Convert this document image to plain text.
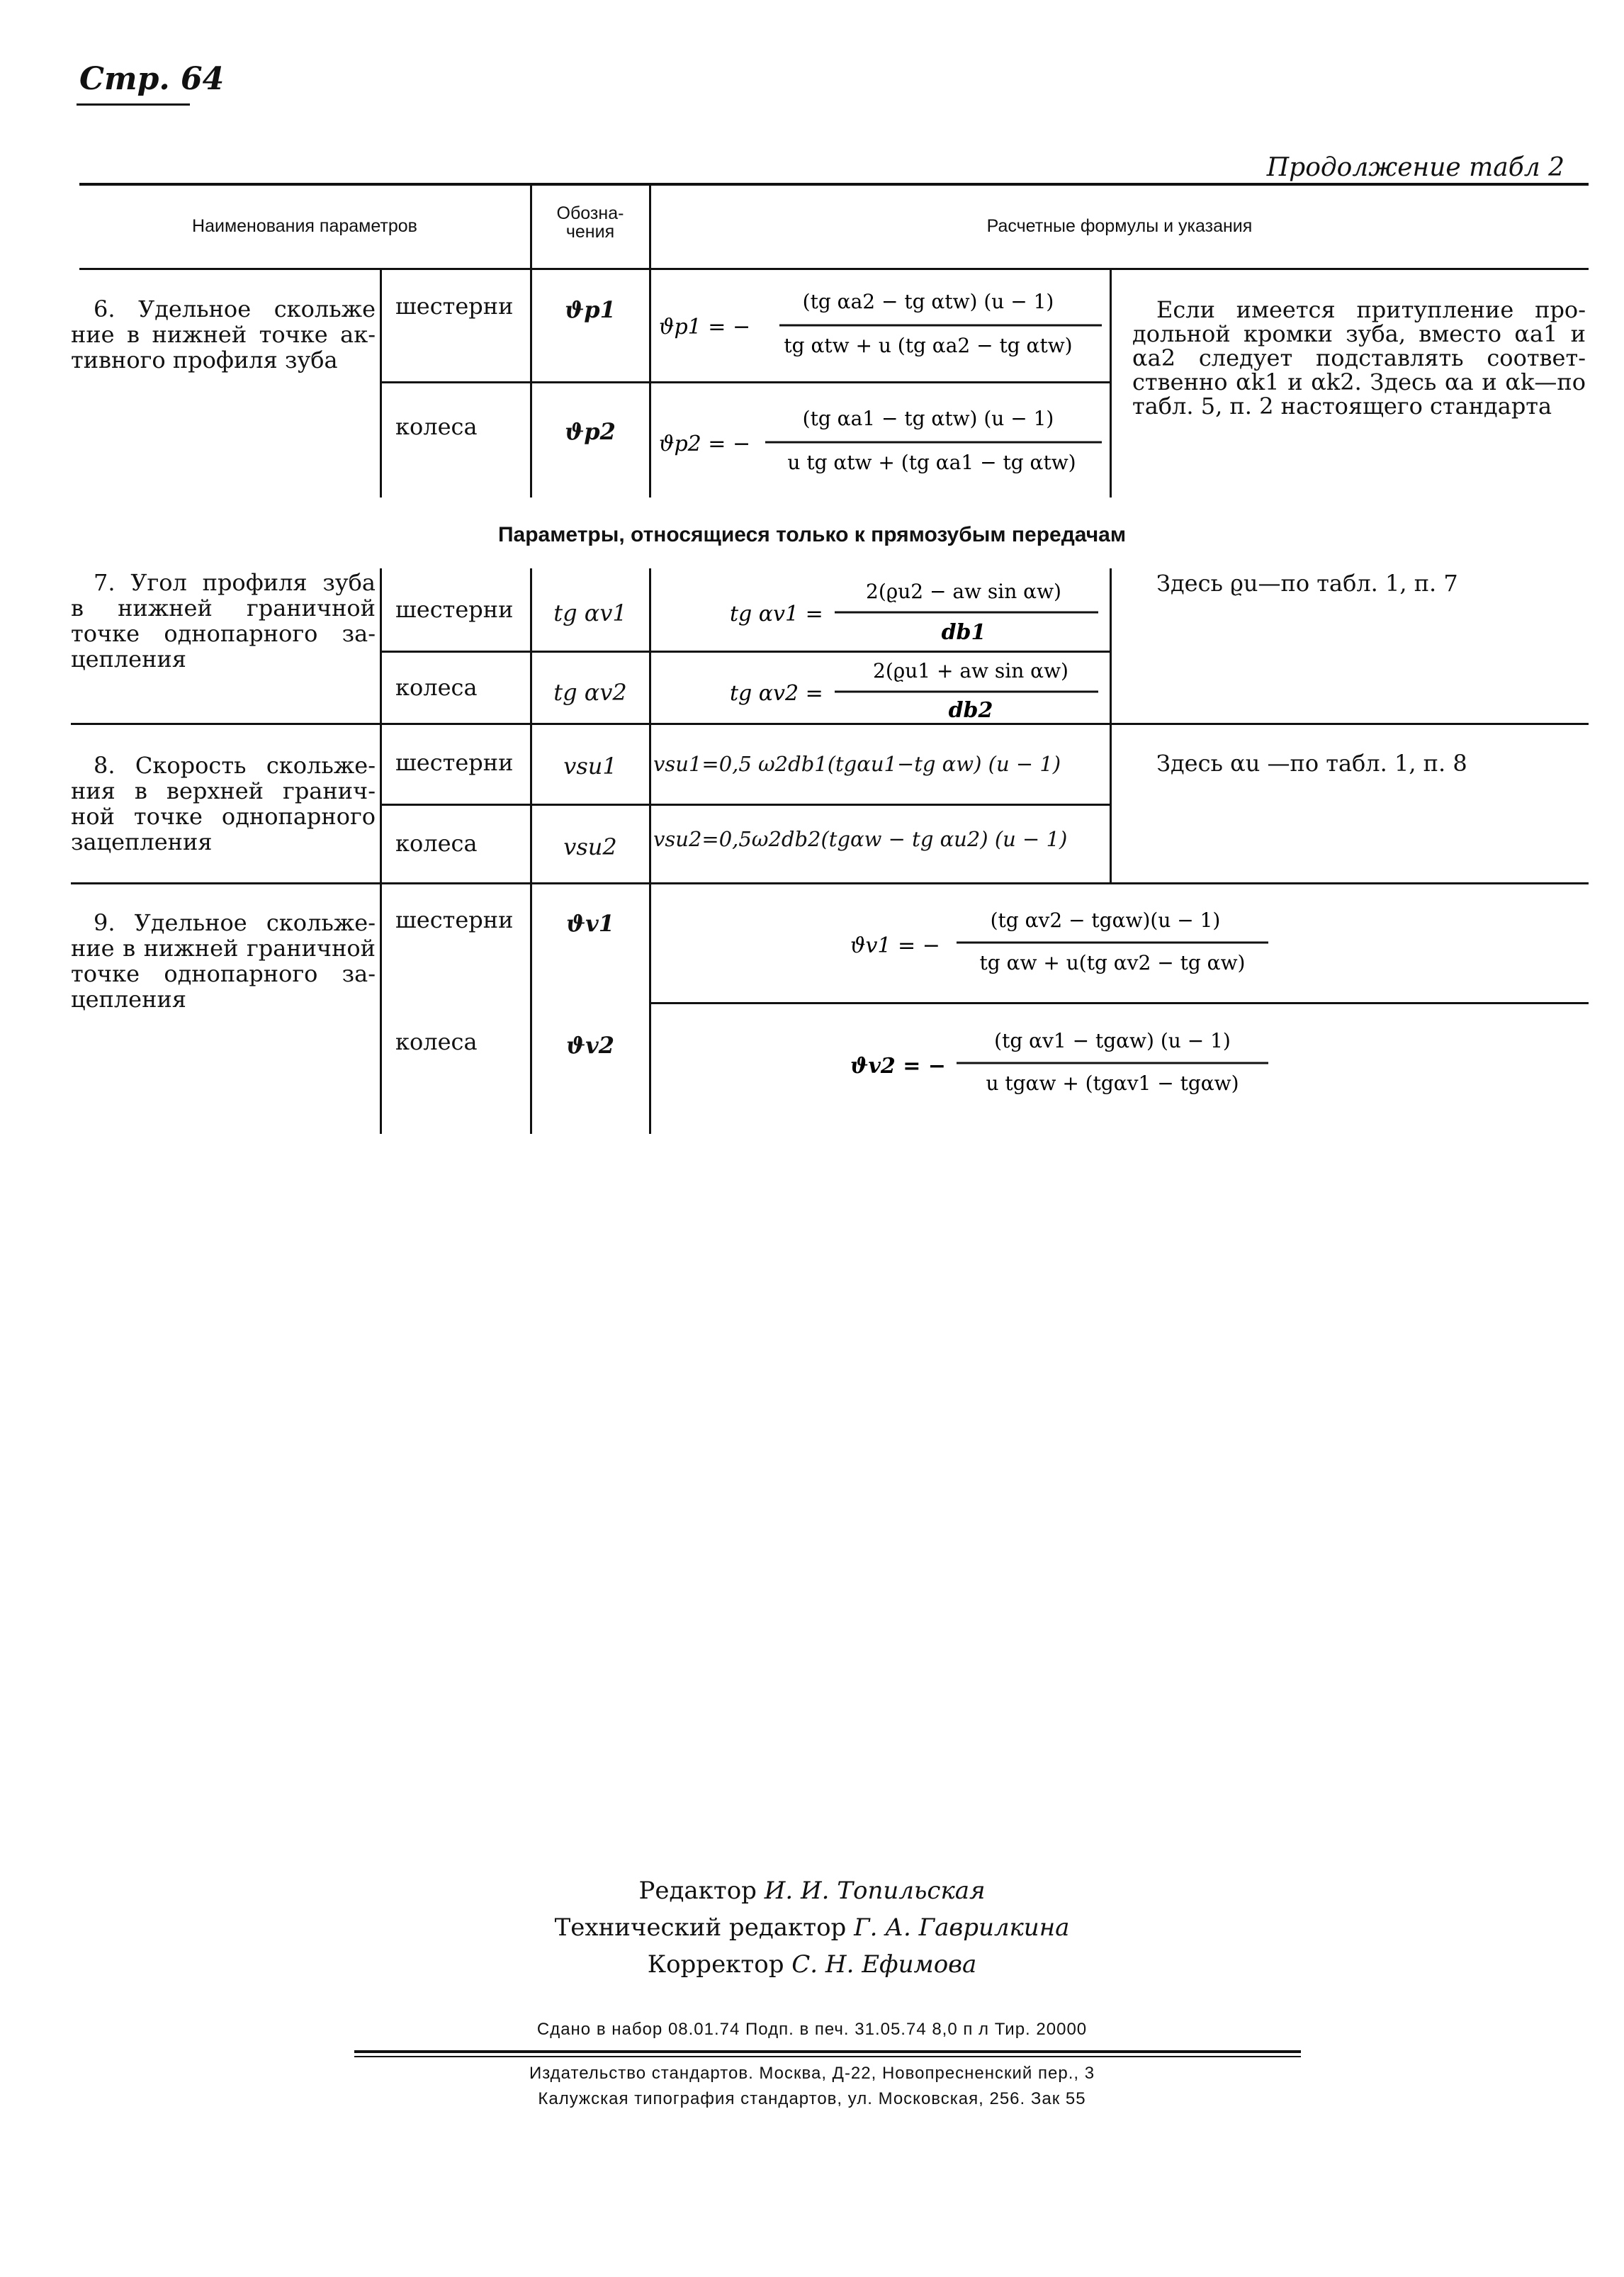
Стр. 64
Продолжение табл 2
Наименования параметров
Обозна-
чения	Расчетные формулы и указания
6. Удельное скольже
ние в нижней точке ак-
тивного профиля зуба
шестерни
колеса
ϑp1
ϑp2
ϑp1 = −
(tg αa2 − tg αtw) (u − 1)
tg αtw + u (tg αa2 − tg αtw)
ϑp2 = −
(tg αa1 − tg αtw) (u − 1)
u tg αtw + (tg αa1 − tg αtw)
Если имеется притупление про-
дольной кромки зуба, вместо αa1 и
αa2 следует подставлять соответ-
ственно αk1 и αk2. Здесь αa и αk—по
табл. 5, п. 2 настоящего стандарта
Параметры, относящиеся только к прямозубым передачам
7. Угол профиля зуба
в нижней граничной
точке однопарного за-
цепления
шестерни
колеса
tg αv1
tg αv2
tg αv1 =
2(ϱu2 − aw sin αw)
db1
tg αv2 =
2(ϱu1 + aw sin αw)
db2
Здесь ϱu—по табл. 1, п. 7
8. Скорость скольже-
ния в верхней гранич-
ной точке однопарного
зацепления
шестерни
колеса
vsu1
vsu2
vsu1=0,5 ω2db1(tgαu1−tg αw) (u − 1)
vsu2=0,5ω2db2(tgαw − tg αu2) (u − 1)
Здесь αu —по табл. 1, п. 8
9. Удельное скольже-
ние в нижней граничной
точке однопарного за-
цепления
шестерни
колеса
ϑv1
ϑv2
ϑv1 = −
(tg αv2 − tgαw)(u − 1)
tg αw + u(tg αv2 − tg αw)
ϑv2 = −
(tg αv1 − tgαw) (u − 1)
u tgαw + (tgαv1 − tgαw)
Редактор И. И. Топильская
Технический редактор Г. А. Гаврилкина
Корректор С. Н. Ефимова
Сдано в набор 08.01.74 Подп. в печ. 31.05.74 8,0 п л Тир. 20000
Издательство стандартов. Москва, Д-22, Новопресненский пер., 3
Калужская типография стандартов, ул. Московская, 256. Зак 55
